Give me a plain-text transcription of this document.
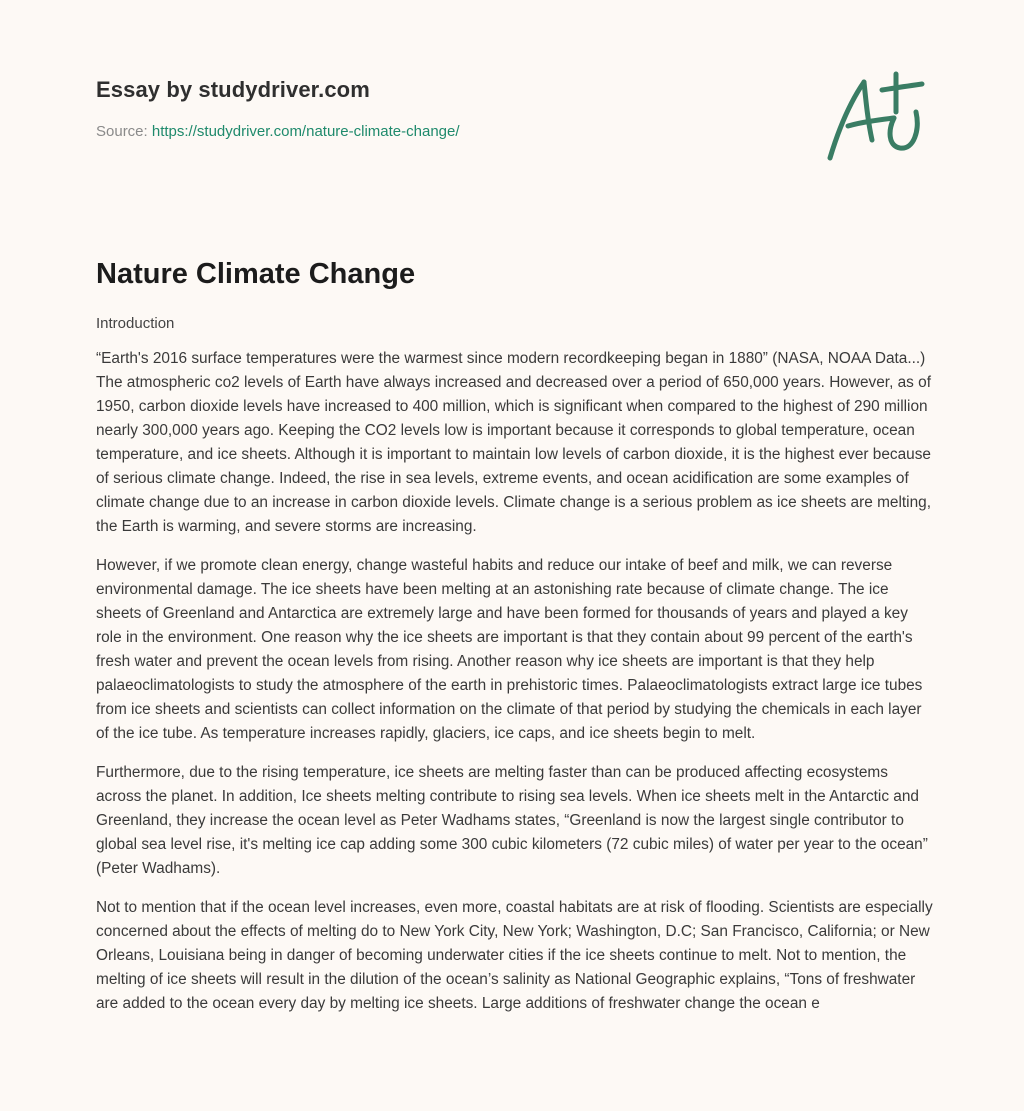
Essay by studydriver.com
Source: https://studydriver.com/nature-climate-change/
Nature Climate Change
Introduction

“Earth's 2016 surface temperatures were the warmest since modern recordkeeping began in 1880” (NASA, NOAA Data...) The atmospheric co2 levels of Earth have always increased and decreased over a period of 650,000 years. However, as of 1950, carbon dioxide levels have increased to 400 million, which is significant when compared to the highest of 290 million nearly 300,000 years ago. Keeping the CO2 levels low is important because it corresponds to global temperature, ocean temperature, and ice sheets. Although it is important to maintain low levels of carbon dioxide, it is the highest ever because of serious climate change. Indeed, the rise in sea levels, extreme events, and ocean acidification are some examples of climate change due to an increase in carbon dioxide levels. Climate change is a serious problem as ice sheets are melting, the Earth is warming, and severe storms are increasing.

However, if we promote clean energy, change wasteful habits and reduce our intake of beef and milk, we can reverse environmental damage. The ice sheets have been melting at an astonishing rate because of climate change. The ice sheets of Greenland and Antarctica are extremely large and have been formed for thousands of years and played a key role in the environment. One reason why the ice sheets are important is that they contain about 99 percent of the earth's fresh water and prevent the ocean levels from rising. Another reason why ice sheets are important is that they help palaeoclimatologists to study the atmosphere of the earth in prehistoric times. Palaeoclimatologists extract large ice tubes from ice sheets and scientists can collect information on the climate of that period by studying the chemicals in each layer of the ice tube. As temperature increases rapidly, glaciers, ice caps, and ice sheets begin to melt.

Furthermore, due to the rising temperature, ice sheets are melting faster than can be produced affecting ecosystems across the planet. In addition, Ice sheets melting contribute to rising sea levels. When ice sheets melt in the Antarctic and Greenland, they increase the ocean level as Peter Wadhams states, “Greenland is now the largest single contributor to global sea level rise, it's melting ice cap adding some 300 cubic kilometers (72 cubic miles) of water per year to the ocean” (Peter Wadhams).

Not to mention that if the ocean level increases, even more, coastal habitats are at risk of flooding. Scientists are especially concerned about the effects of melting do to New York City, New York; Washington, D.C; San Francisco, California; or New Orleans, Louisiana being in danger of becoming underwater cities if the ice sheets continue to melt. Not to mention, the melting of ice sheets will result in the dilution of the ocean’s salinity as National Geographic explains, “Tons of freshwater are added to the ocean every day by melting ice sheets. Large additions of freshwater change the ocean e
